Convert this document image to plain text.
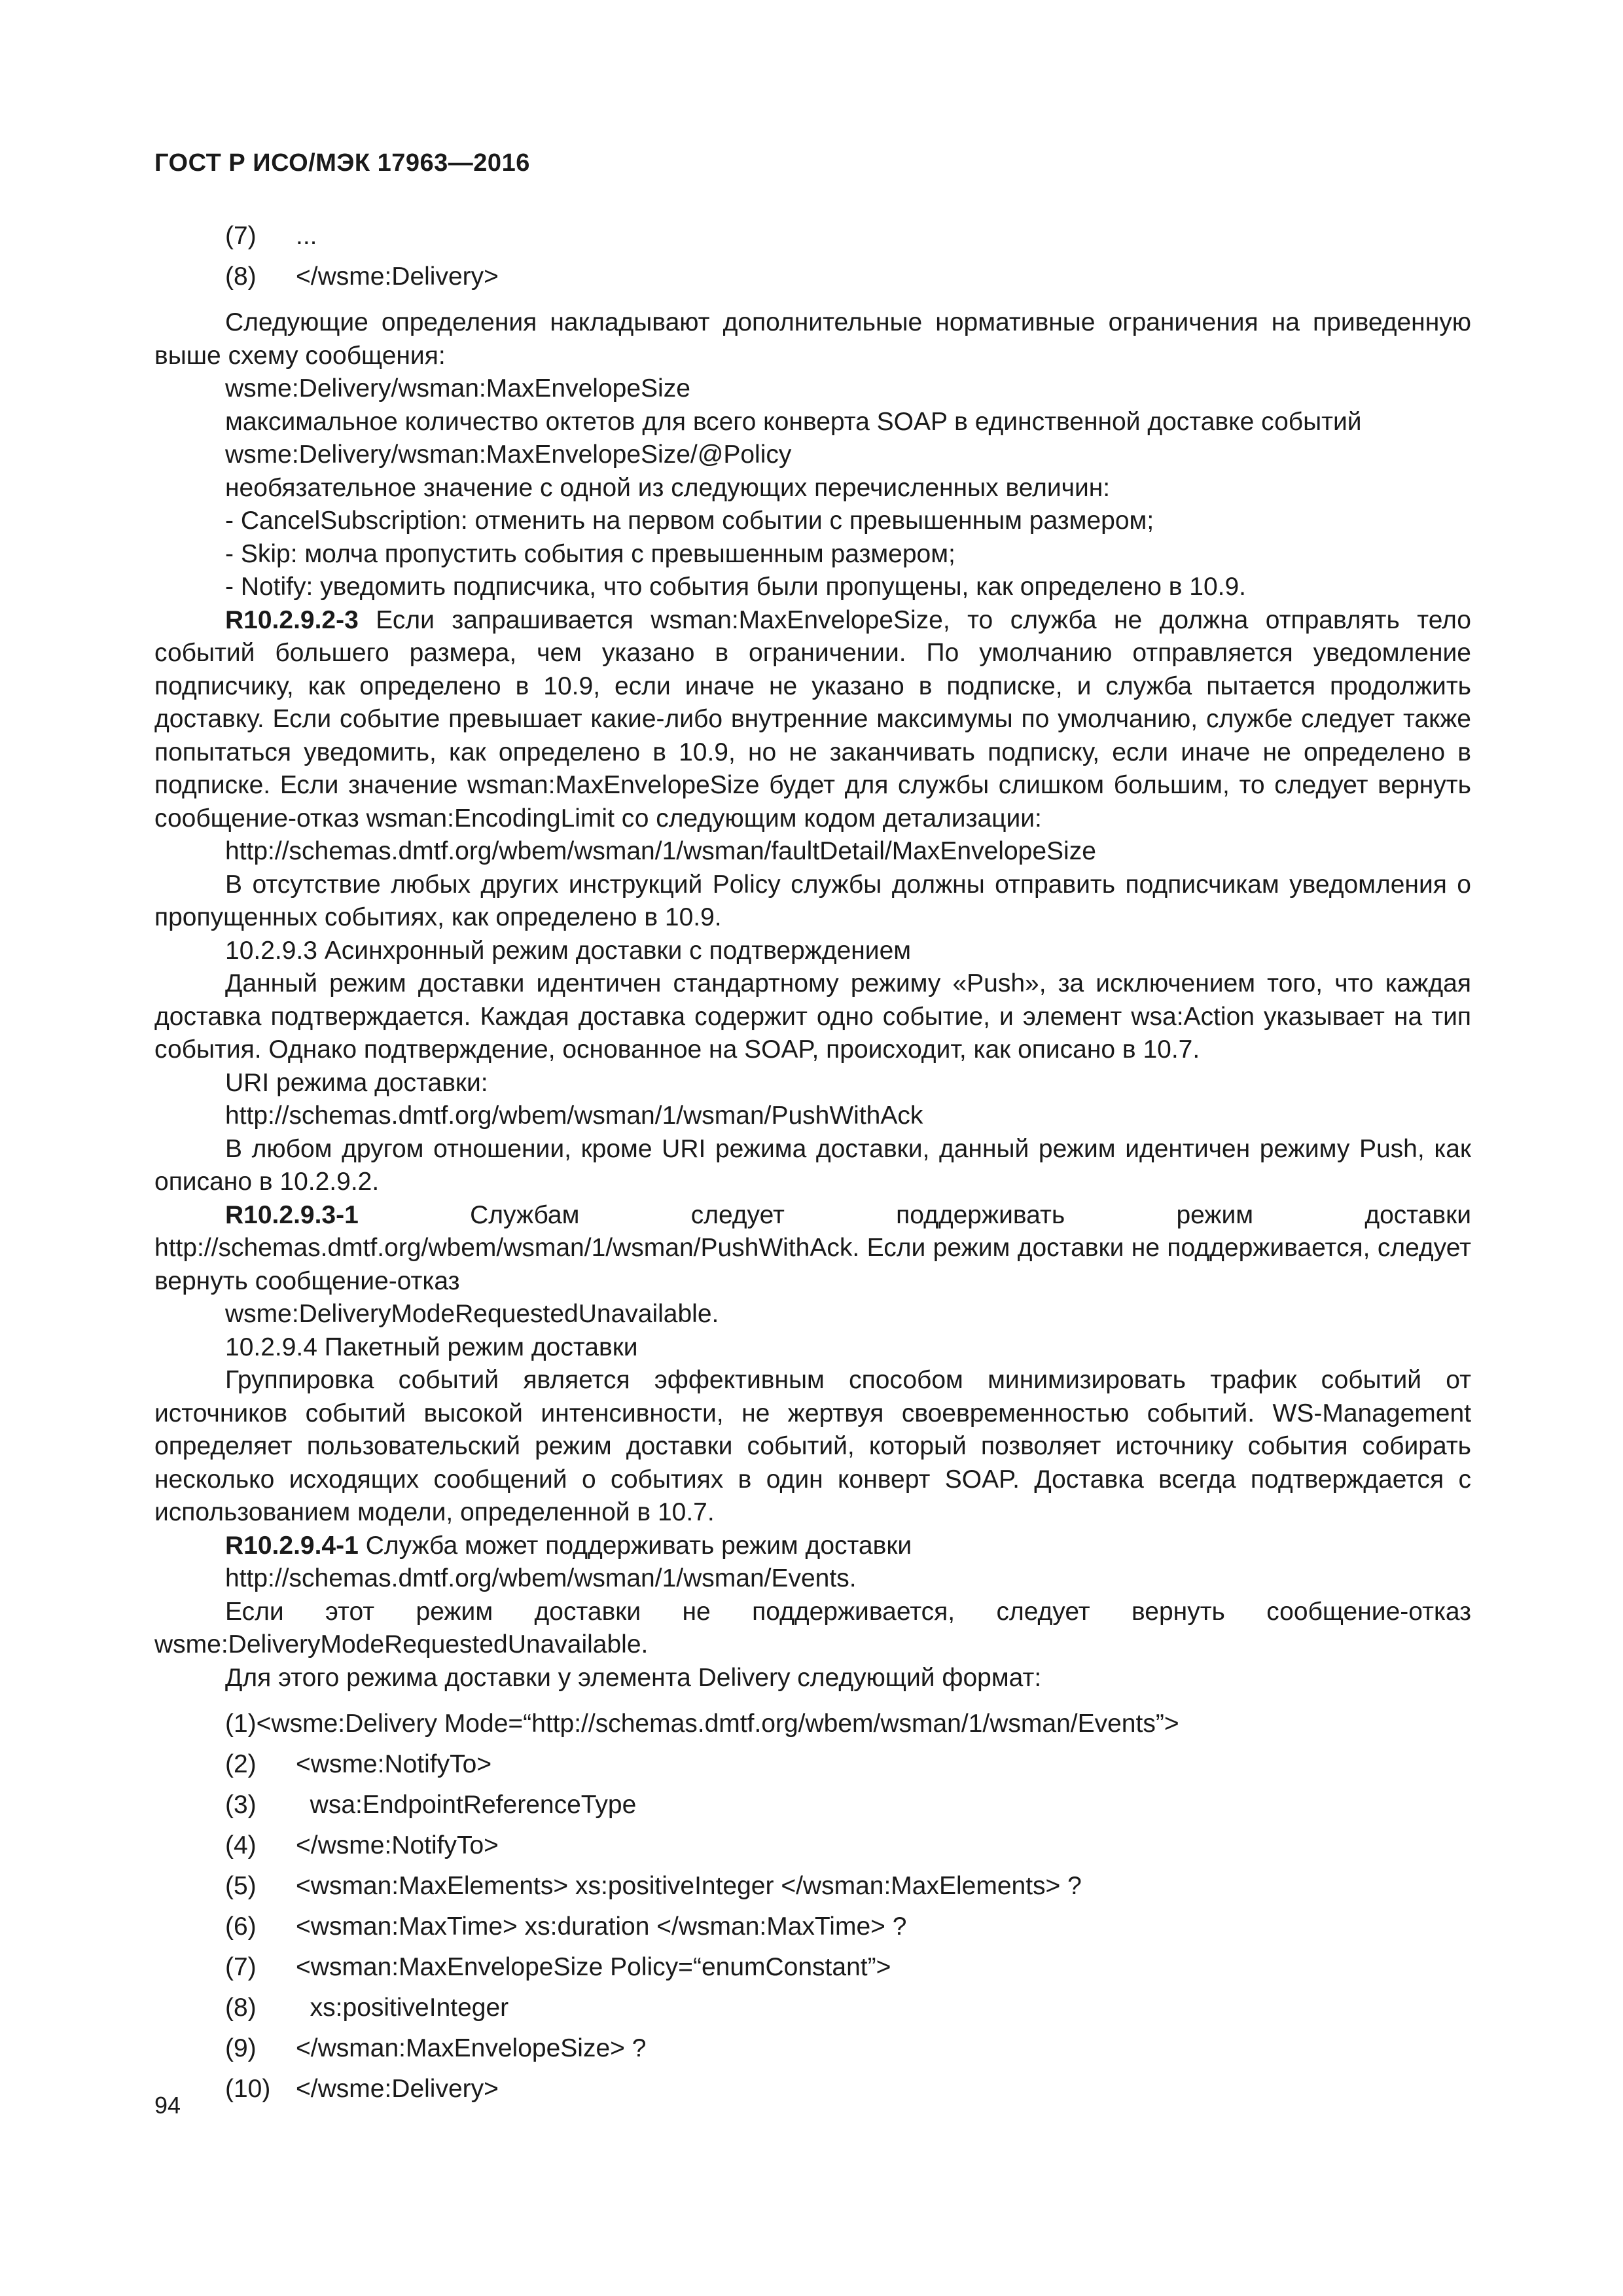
ГОСТ Р ИСО/МЭК 17963—2016
(7) ...
(8) </wsme:Delivery>

Следующие определения накладывают дополнительные нормативные ограничения на приведенную выше схему сообщения:

wsme:Delivery/wsman:MaxEnvelopeSize

максимальное количество октетов для всего конверта SOAP в единственной доставке событий

wsme:Delivery/wsman:MaxEnvelopeSize/@Policy

необязательное значение с одной из следующих перечисленных величин:

- CancelSubscription: отменить на первом событии с превышенным размером;

- Skip: молча пропустить события с превышенным размером;

- Notify: уведомить подписчика, что события были пропущены, как определено в 10.9.

R10.2.9.2-3 Если запрашивается wsman:MaxEnvelopeSize, то служба не должна отправлять тело событий большего размера, чем указано в ограничении. По умолчанию отправляется уведомление подписчику, как определено в 10.9, если иначе не указано в подписке, и служба пытается продолжить доставку. Если событие превышает какие-либо внутренние максимумы по умолчанию, службе следует также попытаться уведомить, как определено в 10.9, но не заканчивать подписку, если иначе не определено в подписке. Если значение wsman:MaxEnvelopeSize будет для службы слишком большим, то следует вернуть сообщение-отказ wsman:EncodingLimit со следующим кодом детализации:

http://schemas.dmtf.org/wbem/wsman/1/wsman/faultDetail/MaxEnvelopeSize

В отсутствие любых других инструкций Policy службы должны отправить подписчикам уведомления о пропущенных событиях, как определено в 10.9.

10.2.9.3 Асинхронный режим доставки с подтверждением

Данный режим доставки идентичен стандартному режиму «Push», за исключением того, что каждая доставка подтверждается. Каждая доставка содержит одно событие, и элемент wsa:Action указывает на тип события. Однако подтверждение, основанное на SOAP, происходит, как описано в 10.7.

URI режима доставки:

http://schemas.dmtf.org/wbem/wsman/1/wsman/PushWithAck

В любом другом отношении, кроме URI режима доставки, данный режим идентичен режиму Push, как описано в 10.2.9.2.

R10.2.9.3-1 Службам следует поддерживать режим доставки http://schemas.dmtf.org/wbem/wsman/1/wsman/PushWithAck. Если режим доставки не поддерживается, следует вернуть сообщение-отказ

wsme:DeliveryModeRequestedUnavailable.

10.2.9.4 Пакетный режим доставки

Группировка событий является эффективным способом минимизировать трафик событий от источников событий высокой интенсивности, не жертвуя своевременностью событий. WS-Management определяет пользовательский режим доставки событий, который позволяет источнику события собирать несколько исходящих сообщений о событиях в один конверт SOAP. Доставка всегда подтверждается с использованием модели, определенной в 10.7.

R10.2.9.4-1 Служба может поддерживать режим доставки

http://schemas.dmtf.org/wbem/wsman/1/wsman/Events.

Если этот режим доставки не поддерживается, следует вернуть сообщение-отказ wsme:DeliveryModeRequestedUnavailable.

Для этого режима доставки у элемента Delivery следующий формат:

(1)<wsme:Delivery Mode=“http://schemas.dmtf.org/wbem/wsman/1/wsman/Events”>
(2) <wsme:NotifyTo>
(3)  wsa:EndpointReferenceType
(4) </wsme:NotifyTo>
(5) <wsman:MaxElements> xs:positiveInteger </wsman:MaxElements> ?
(6) <wsman:MaxTime> xs:duration </wsman:MaxTime> ?
(7) <wsman:MaxEnvelopeSize Policy=“enumConstant”>
(8)  xs:positiveInteger
(9) </wsman:MaxEnvelopeSize> ?
(10) </wsme:Delivery>
94
